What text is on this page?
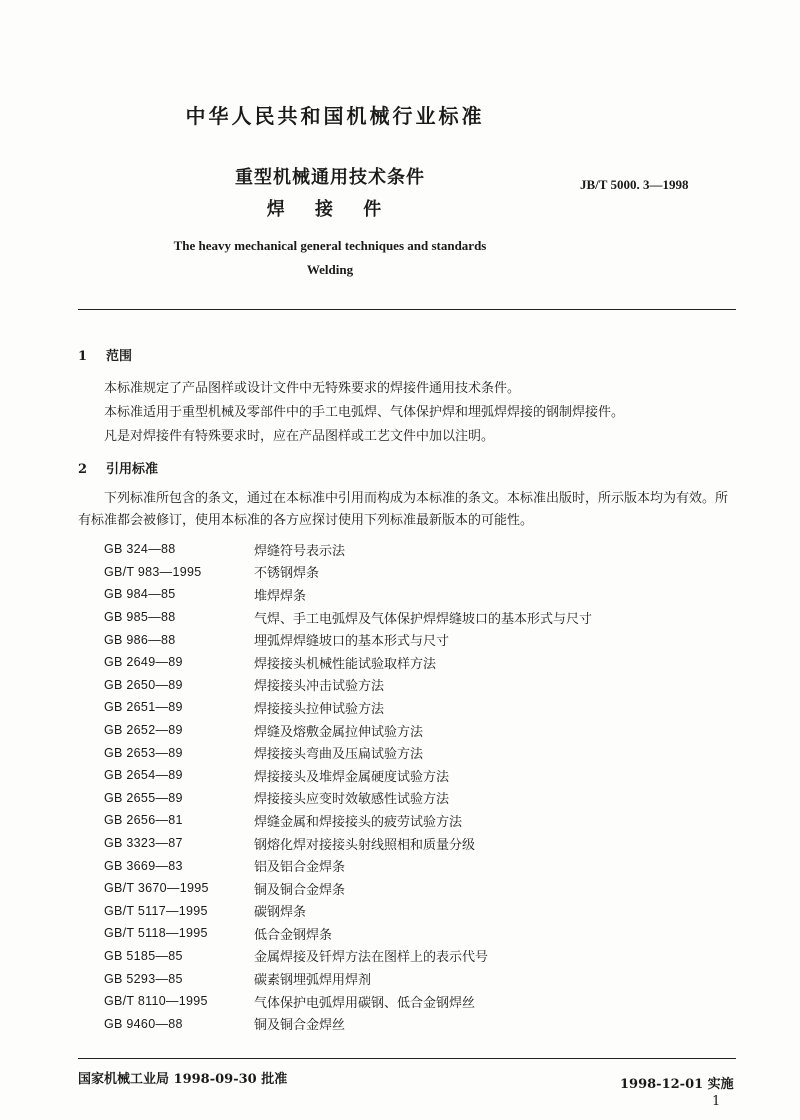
中华人民共和国机械行业标准
重型机械通用技术条件
焊 接 件
JB/T 5000. 3—1998
The heavy mechanical general techniques and standards
Welding
1 范围
本标准规定了产品图样或设计文件中无特殊要求的焊接件通用技术条件。
本标准适用于重型机械及零部件中的手工电弧焊、气体保护焊和埋弧焊焊接的钢制焊接件。
凡是对焊接件有特殊要求时，应在产品图样或工艺文件中加以注明。
2 引用标准
下列标准所包含的条文，通过在本标准中引用而构成为本标准的条文。本标准出版时，所示版本均为有效。所有标准都会被修订，使用本标准的各方应探讨使用下列标准最新版本的可能性。
GB 324—88	焊缝符号表示法
GB/T 983—1995	不锈钢焊条
GB 984—85	堆焊焊条
GB 985—88	气焊、手工电弧焊及气体保护焊焊缝坡口的基本形式与尺寸
GB 986—88	埋弧焊焊缝坡口的基本形式与尺寸
GB 2649—89	焊接接头机械性能试验取样方法
GB 2650—89	焊接接头冲击试验方法
GB 2651—89	焊接接头拉伸试验方法
GB 2652—89	焊缝及熔敷金属拉伸试验方法
GB 2653—89	焊接接头弯曲及压扁试验方法
GB 2654—89	焊接接头及堆焊金属硬度试验方法
GB 2655—89	焊接接头应变时效敏感性试验方法
GB 2656—81	焊缝金属和焊接接头的疲劳试验方法
GB 3323—87	钢熔化焊对接接头射线照相和质量分级
GB 3669—83	铝及铝合金焊条
GB/T 3670—1995	铜及铜合金焊条
GB/T 5117—1995	碳钢焊条
GB/T 5118—1995	低合金钢焊条
GB 5185—85	金属焊接及钎焊方法在图样上的表示代号
GB 5293—85	碳素钢埋弧焊用焊剂
GB/T 8110—1995	气体保护电弧焊用碳钢、低合金钢焊丝
GB 9460—88	铜及铜合金焊丝
国家机械工业局 1998-09-30 批准	1998-12-01 实施
1
